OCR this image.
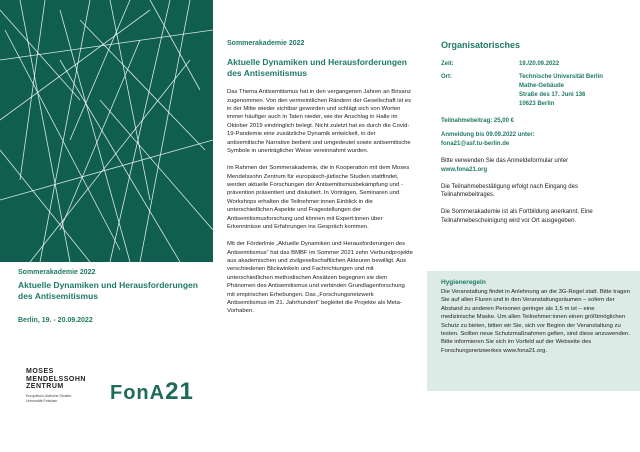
Sommerakademie 2022
Aktuelle Dynamiken und Herausforderungen des Antisemitismus
Berlin, 19. - 20.09.2022
MOSES
MENDELSSOHN
ZENTRUM
Europäisch-Jüdische Studien
Universität Potsdam	FonA21
Sommerakademie 2022
Aktuelle Dynamiken und Herausforderungen des Antisemitismus

Das Thema Antisemitismus hat in den vergangenen Jahren an Brisanz zugenommen. Von den vermeintlichen Rändern der Gesellschaft ist es in der Mitte wieder sichtbar geworden und schlägt sich von Worten immer häufiger auch in Taten nieder, wie der Anschlag in Halle im Oktober 2019 eindringlich belegt. Nicht zuletzt hat es durch die Covid-19-Pandemie eine zusätzliche Dynamik entwickelt, in der antisemitische Narrative bedient und umgedeutet sowie antisemitische Symbole in unerträglicher Weise vereinnahmt wurden.

Im Rahmen der Sommerakademie, die in Kooperation mit dem Moses Mendelssohn Zentrum für europäisch-jüdische Studien stattfindet, werden aktuelle Forschungen der Antisemitismusbekämpfung und -prävention präsentiert und diskutiert. In Vorträgen, Seminaren und Workshops erhalten die Teilnehmer:innen Einblick in die unterschiedlichen Aspekte und Fragestellungen der Antisemitismusforschung und können mit Expert:innen über Erkenntnisse und Erfahrungen ins Gespräch kommen.

Mit der Förderlinie „Aktuelle Dynamiken und Herausforderungen des Antisemitismus“ hat das BMBF im Sommer 2021 zehn Verbundprojekte aus akademischen und zivilgesellschaftlichen Akteuren bewilligt. Aus verschiedenen Blickwinkeln und Fachrichtungen und mit unterschiedlichen methodischen Ansätzen begegnen sie dem Phänomen des Antisemitismus und verbinden Grundlagenforschung mit empirischen Erhebungen. Das „Forschungsnetzwerk Antisemitismus im 21. Jahrhundert“ begleitet die Projekte als Meta-Vorhaben.

Organisatorisches
Zeit:	19./20.09.2022
Ort:	Technische Universität Berlin
Mathe-Gebäude
Straße des 17. Juni 136
10623 Berlin
Teilnahmebeitrag: 25,00 €
Anmeldung bis 09.09.2022 unter:
fona21@asf.tu-berlin.de

Bitte verwenden Sie das Anmeldeformular unter

www.fona21.org

Die Teilnahmebestätigung erfolgt nach Eingang des Teilnahmebeitrages.

Die Sommerakademie ist als Fortbildung anerkannt. Eine Teilnahmebescheinigung wird vor Ort ausgegeben.

Hygieneregeln
Die Veranstaltung findet in Anlehnung an die 3G-Regel statt. Bitte tragen Sie auf allen Fluren und in den Veranstaltungsräumen – sofern der Abstand zu anderen Personen geringer als 1,5 m ist – eine medizinische Maske. Um allen Teilnehmer:innen einen größtmöglichen Schutz zu bieten, bitten wir Sie, sich vor Beginn der Veranstaltung zu testen. Sollten neue Schutzmaßnahmen gelten, sind diese anzuwenden. Bitte informieren Sie sich im Vorfeld auf der Webseite des Forschungsnetzwerkes www.fona21.org.
